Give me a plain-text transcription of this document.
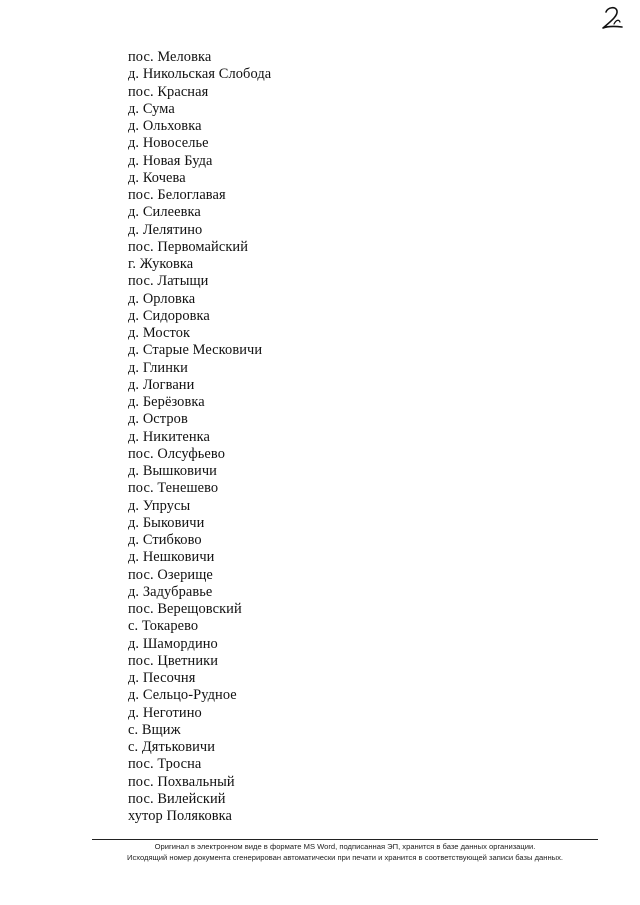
пос. Меловка
д. Никольская Слобода
пос. Красная
д. Сума
д. Ольховка
д. Новоселье
д. Новая Буда
д. Кочева
пос. Белоглавая
д. Силеевка
д. Лелятино
пос. Первомайский
г. Жуковка
пос. Латыщи
д. Орловка
д. Сидоровка
д. Мосток
д. Старые Месковичи
д. Глинки
д. Логвани
д. Берёзовка
д. Остров
д. Никитенка
пос. Олсуфьево
д. Вышковичи
пос. Тенешево
д. Упрусы
д. Быковичи
д. Стибково
д. Нешковичи
пос. Озерище
д. Задубравье
пос. Верещовский
с. Токарево
д. Шамордино
пос. Цветники
д. Песочня
д. Сельцо-Рудное
д. Неготино
с. Вщиж
с. Дятьковичи
пос. Тросна
пос. Похвальный
пос. Вилейский
хутор Поляковка
Оригинал в электронном виде в формате MS Word, подписанная ЭП, хранится в базе данных организации.
Исходящий номер документа сгенерирован автоматически при печати и хранится в соответствующей записи базы данных.
